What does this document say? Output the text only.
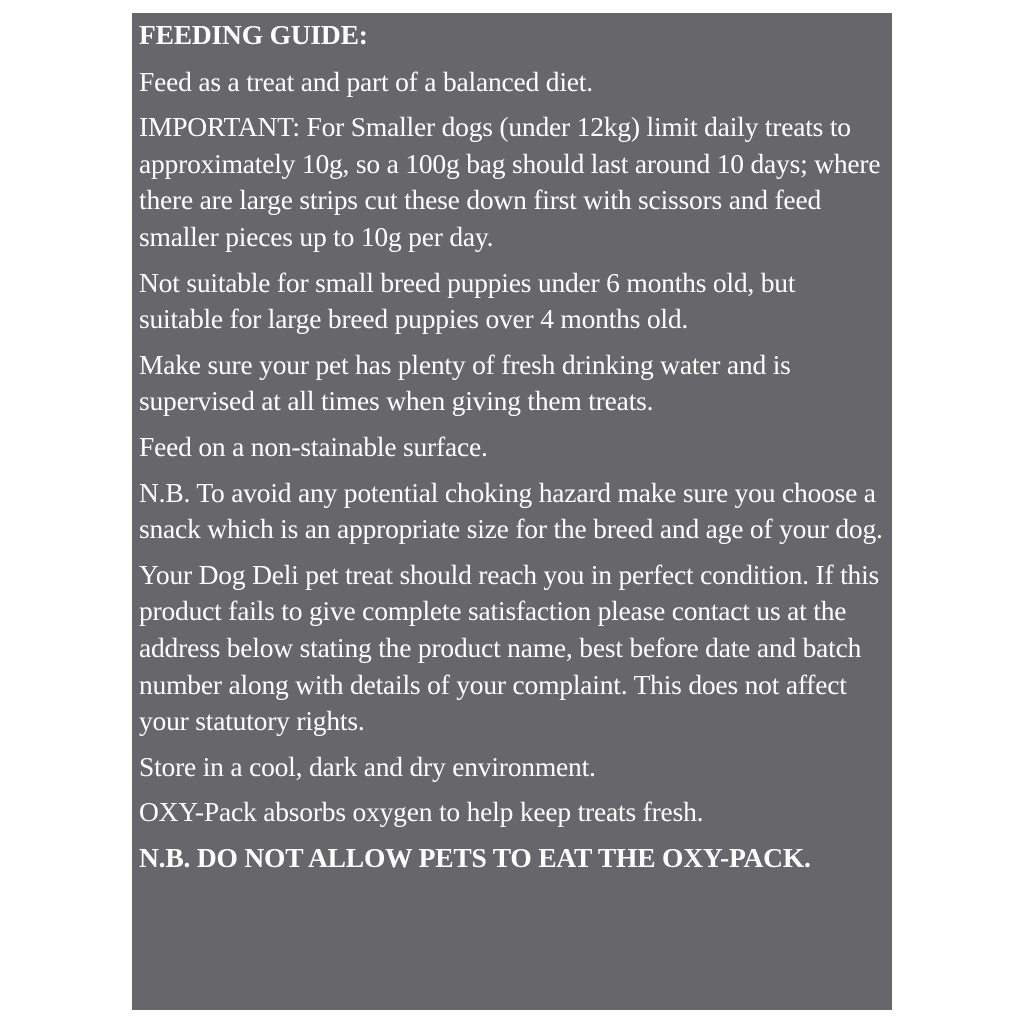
FEEDING GUIDE:
Feed as a treat and part of a balanced diet.
IMPORTANT: For Smaller dogs (under 12kg) limit daily treats to approximately 10g, so a 100g bag should last around 10 days; where there are large strips cut these down first with scissors and feed smaller pieces up to 10g per day.
Not suitable for small breed puppies under 6 months old, but suitable for large breed puppies over 4 months old.
Make sure your pet has plenty of fresh drinking water and is supervised at all times when giving them treats.
Feed on a non-stainable surface.
N.B. To avoid any potential choking hazard make sure you choose a snack which is an appropriate size for the breed and age of your dog.
Your Dog Deli pet treat should reach you in perfect condition. If this product fails to give complete satisfaction please contact us at the address below stating the product name, best before date and batch number along with details of your complaint. This does not affect your statutory rights.
Store in a cool, dark and dry environment.
OXY-Pack absorbs oxygen to help keep treats fresh.
N.B. DO NOT ALLOW PETS TO EAT THE OXY-PACK.
